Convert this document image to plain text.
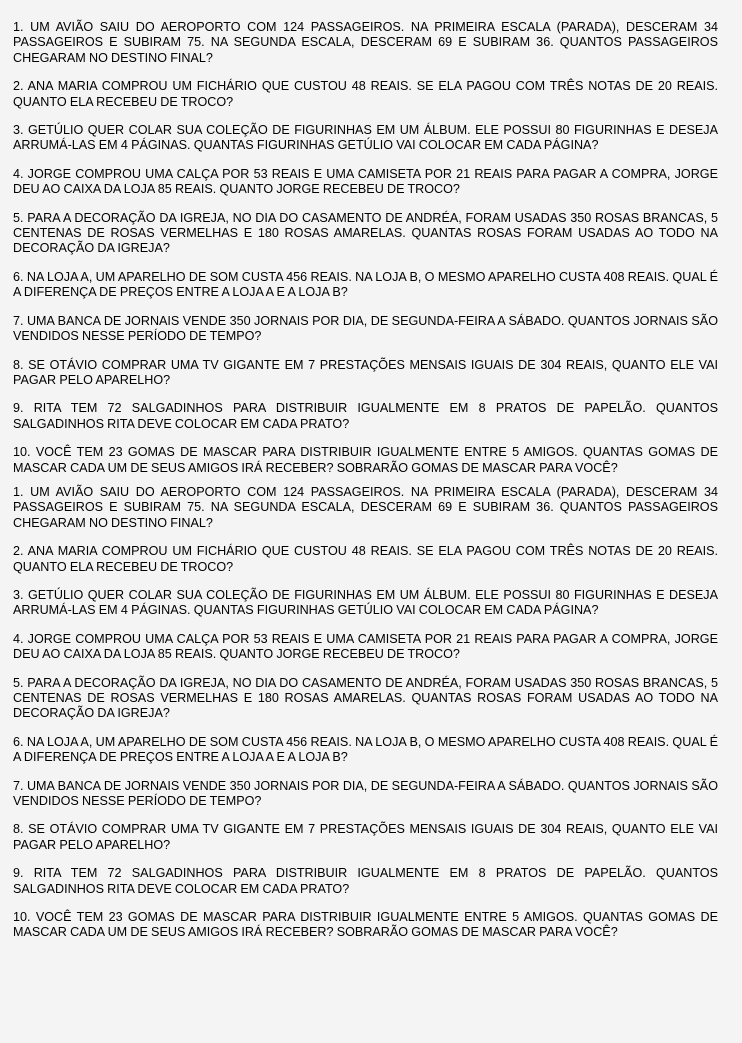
1. UM AVIÃO SAIU DO AEROPORTO COM 124 PASSAGEIROS. NA PRIMEIRA ESCALA (PARADA), DESCERAM 34 PASSAGEIROS E SUBIRAM 75. NA SEGUNDA ESCALA, DESCERAM 69 E SUBIRAM 36. QUANTOS PASSAGEIROS CHEGARAM NO DESTINO FINAL?

2. ANA MARIA COMPROU UM FICHÁRIO QUE CUSTOU 48 REAIS. SE ELA PAGOU COM TRÊS NOTAS DE 20 REAIS. QUANTO ELA RECEBEU DE TROCO?

3. GETÚLIO QUER COLAR SUA COLEÇÃO DE FIGURINHAS EM UM ÁLBUM. ELE POSSUI 80 FIGURINHAS E DESEJA ARRUMÁ-LAS EM 4 PÁGINAS. QUANTAS FIGURINHAS GETÚLIO VAI COLOCAR EM CADA PÁGINA?

4. JORGE COMPROU UMA CALÇA POR 53 REAIS E UMA CAMISETA POR 21 REAIS PARA PAGAR A COMPRA, JORGE DEU AO CAIXA DA LOJA 85 REAIS. QUANTO JORGE RECEBEU DE TROCO?

5. PARA A DECORAÇÃO DA IGREJA, NO DIA DO CASAMENTO DE ANDRÉA, FORAM USADAS 350 ROSAS BRANCAS, 5 CENTENAS DE ROSAS VERMELHAS E 180 ROSAS AMARELAS. QUANTAS ROSAS FORAM USADAS AO TODO NA DECORAÇÃO DA IGREJA?

6. NA LOJA A, UM APARELHO DE SOM CUSTA 456 REAIS. NA LOJA B, O MESMO APARELHO CUSTA 408 REAIS. QUAL É A DIFERENÇA DE PREÇOS ENTRE A LOJA A E A LOJA B?

7. UMA BANCA DE JORNAIS VENDE 350 JORNAIS POR DIA, DE SEGUNDA-FEIRA A SÁBADO. QUANTOS JORNAIS SÃO VENDIDOS NESSE PERÍODO DE TEMPO?

8. SE OTÁVIO COMPRAR UMA TV GIGANTE EM 7 PRESTAÇÕES MENSAIS IGUAIS DE 304 REAIS, QUANTO ELE VAI PAGAR PELO APARELHO?

9. RITA TEM 72 SALGADINHOS PARA DISTRIBUIR IGUALMENTE EM 8 PRATOS DE PAPELÃO. QUANTOS SALGADINHOS RITA DEVE COLOCAR EM CADA PRATO?

10. VOCÊ TEM 23 GOMAS DE MASCAR PARA DISTRIBUIR IGUALMENTE ENTRE 5 AMIGOS. QUANTAS GOMAS DE MASCAR CADA UM DE SEUS AMIGOS IRÁ RECEBER? SOBRARÃO GOMAS DE MASCAR PARA VOCÊ?

1. UM AVIÃO SAIU DO AEROPORTO COM 124 PASSAGEIROS. NA PRIMEIRA ESCALA (PARADA), DESCERAM 34 PASSAGEIROS E SUBIRAM 75. NA SEGUNDA ESCALA, DESCERAM 69 E SUBIRAM 36. QUANTOS PASSAGEIROS CHEGARAM NO DESTINO FINAL?

2. ANA MARIA COMPROU UM FICHÁRIO QUE CUSTOU 48 REAIS. SE ELA PAGOU COM TRÊS NOTAS DE 20 REAIS. QUANTO ELA RECEBEU DE TROCO?

3. GETÚLIO QUER COLAR SUA COLEÇÃO DE FIGURINHAS EM UM ÁLBUM. ELE POSSUI 80 FIGURINHAS E DESEJA ARRUMÁ-LAS EM 4 PÁGINAS. QUANTAS FIGURINHAS GETÚLIO VAI COLOCAR EM CADA PÁGINA?

4. JORGE COMPROU UMA CALÇA POR 53 REAIS E UMA CAMISETA POR 21 REAIS PARA PAGAR A COMPRA, JORGE DEU AO CAIXA DA LOJA 85 REAIS. QUANTO JORGE RECEBEU DE TROCO?

5. PARA A DECORAÇÃO DA IGREJA, NO DIA DO CASAMENTO DE ANDRÉA, FORAM USADAS 350 ROSAS BRANCAS, 5 CENTENAS DE ROSAS VERMELHAS E 180 ROSAS AMARELAS. QUANTAS ROSAS FORAM USADAS AO TODO NA DECORAÇÃO DA IGREJA?

6. NA LOJA A, UM APARELHO DE SOM CUSTA 456 REAIS. NA LOJA B, O MESMO APARELHO CUSTA 408 REAIS. QUAL É A DIFERENÇA DE PREÇOS ENTRE A LOJA A E A LOJA B?

7. UMA BANCA DE JORNAIS VENDE 350 JORNAIS POR DIA, DE SEGUNDA-FEIRA A SÁBADO. QUANTOS JORNAIS SÃO VENDIDOS NESSE PERÍODO DE TEMPO?

8. SE OTÁVIO COMPRAR UMA TV GIGANTE EM 7 PRESTAÇÕES MENSAIS IGUAIS DE 304 REAIS, QUANTO ELE VAI PAGAR PELO APARELHO?

9. RITA TEM 72 SALGADINHOS PARA DISTRIBUIR IGUALMENTE EM 8 PRATOS DE PAPELÃO. QUANTOS SALGADINHOS RITA DEVE COLOCAR EM CADA PRATO?

10. VOCÊ TEM 23 GOMAS DE MASCAR PARA DISTRIBUIR IGUALMENTE ENTRE 5 AMIGOS. QUANTAS GOMAS DE MASCAR CADA UM DE SEUS AMIGOS IRÁ RECEBER? SOBRARÃO GOMAS DE MASCAR PARA VOCÊ?
